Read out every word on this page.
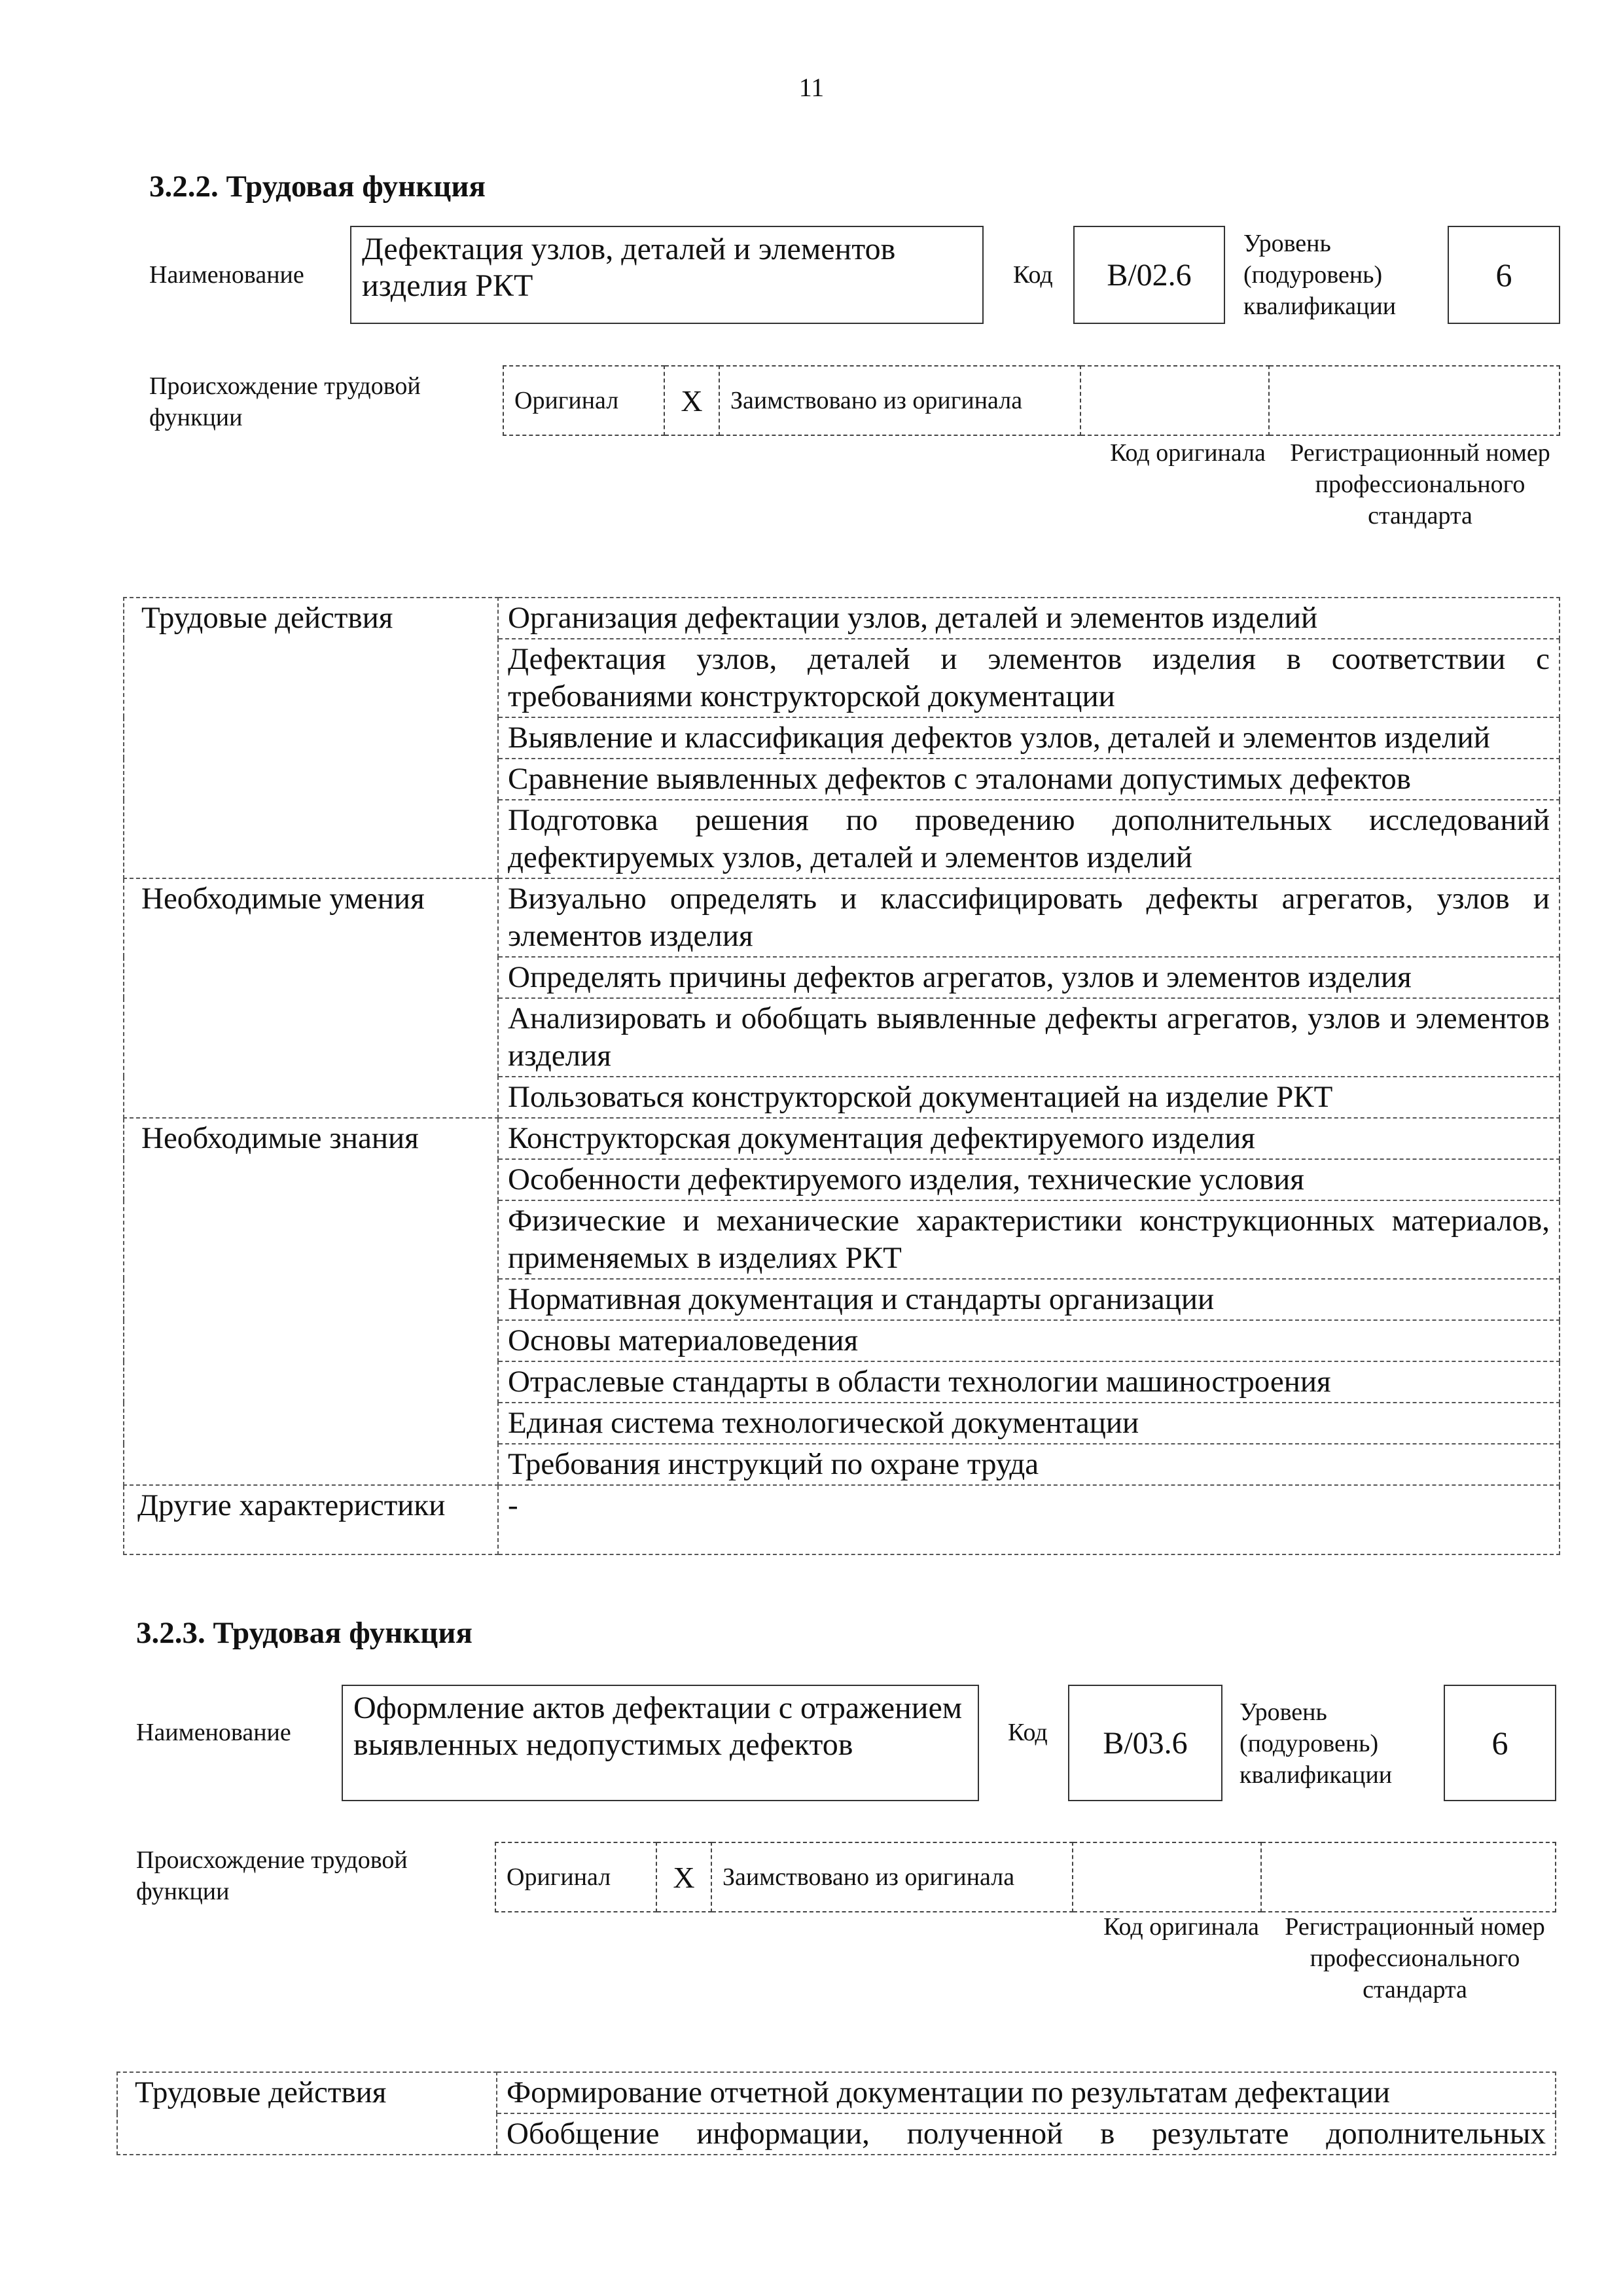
11
3.2.2. Трудовая функция
Наименование
Дефектация узлов, деталей и элементов изделия РКТ	Код В/02.6
Уровень (подуровень) квалификации
6
Происхождение трудовой функции
Оригинал	X	Заимствовано из оригинала		
Код оригинала Регистрационный номер профессионального стандарта
Трудовые действия	Организация дефектации узлов, деталей и элементов изделий
	Дефектация узлов, деталей и элементов изделия в соответствии с требованиями конструкторской документации
	Выявление и классификация дефектов узлов, деталей и элементов изделий
	Сравнение выявленных дефектов с эталонами допустимых дефектов
	Подготовка решения по проведению дополнительных исследований дефектируемых узлов, деталей и элементов изделий
Необходимые умения	Визуально определять и классифицировать дефекты агрегатов, узлов и элементов изделия
	Определять причины дефектов агрегатов, узлов и элементов изделия
	Анализировать и обобщать выявленные дефекты агрегатов, узлов и элементов изделия
	Пользоваться конструкторской документацией на изделие РКТ
Необходимые знания	Конструкторская документация дефектируемого изделия
	Особенности дефектируемого изделия, технические условия
	Физические и механические характеристики конструкционных материалов, применяемых в изделиях РКТ
	Нормативная документация и стандарты организации
	Основы материаловедения
	Отраслевые стандарты в области технологии машиностроения
	Единая система технологической документации
	Требования инструкций по охране труда
Другие характеристики	-
3.2.3. Трудовая функция
Наименование
Оформление актов дефектации с отражением выявленных недопустимых дефектов	Код В/03.6
Уровень (подуровень) квалификации
6
Происхождение трудовой функции
Оригинал	X	Заимствовано из оригинала		
Код оригинала Регистрационный номер профессионального стандарта
Трудовые действия	Формирование отчетной документации по результатам дефектации
Обобщение информации, полученной в результате дополнительных
